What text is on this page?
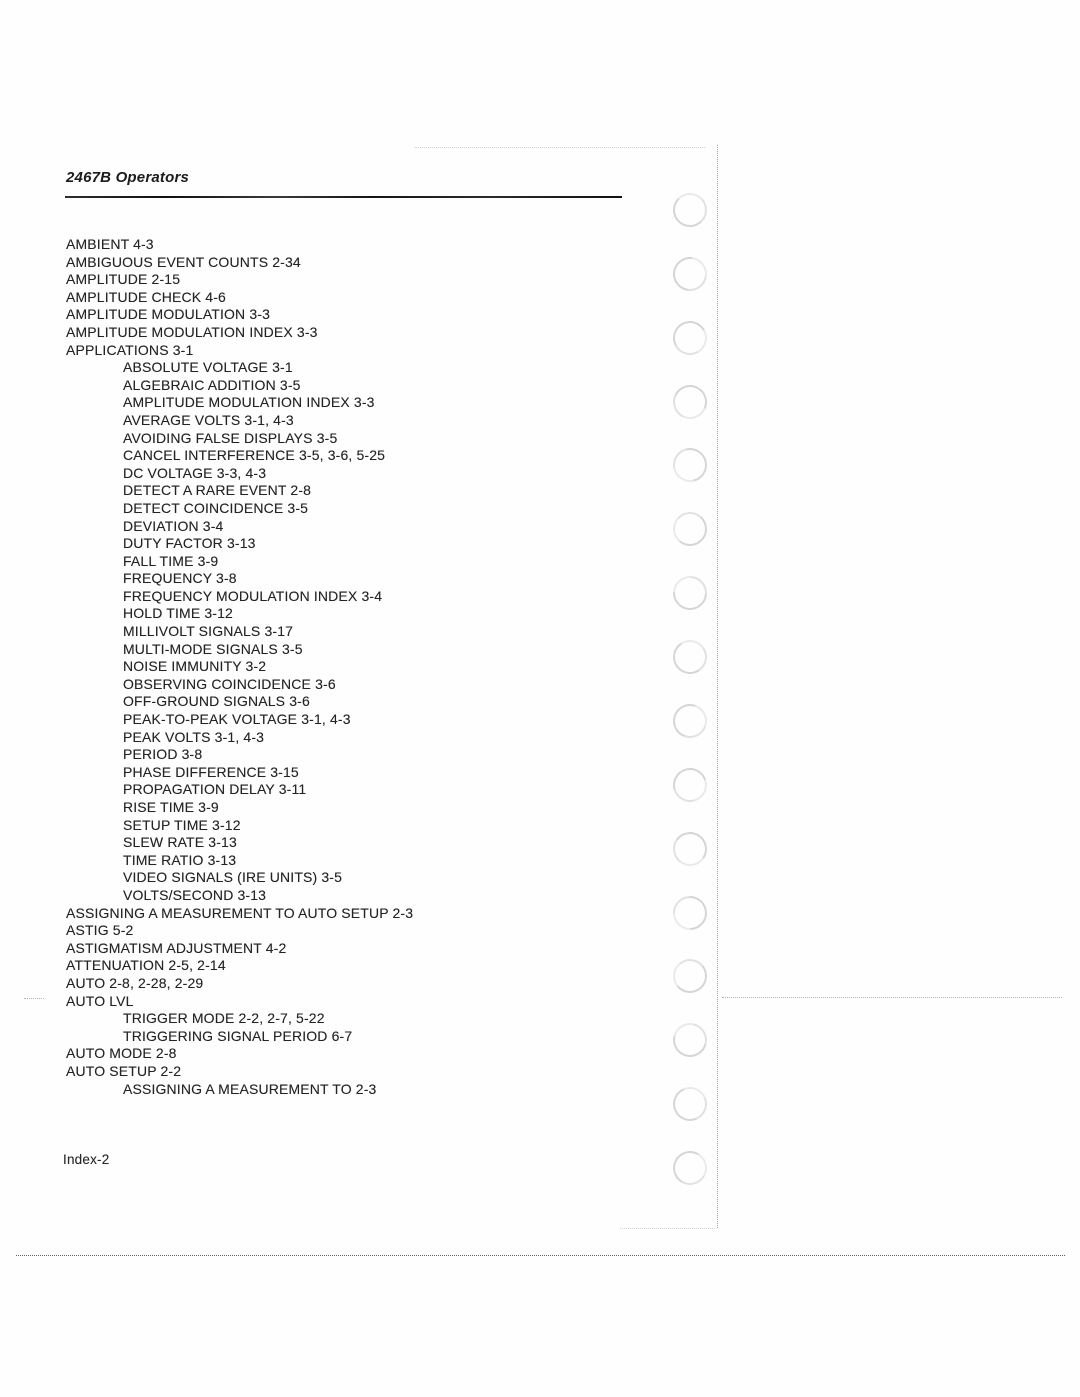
2467B Operators
AMBIENT 4-3
AMBIGUOUS EVENT COUNTS 2-34
AMPLITUDE 2-15
AMPLITUDE CHECK 4-6
AMPLITUDE MODULATION 3-3
AMPLITUDE MODULATION INDEX 3-3
APPLICATIONS 3-1
ABSOLUTE VOLTAGE 3-1
ALGEBRAIC ADDITION 3-5
AMPLITUDE MODULATION INDEX 3-3
AVERAGE VOLTS 3-1, 4-3
AVOIDING FALSE DISPLAYS 3-5
CANCEL INTERFERENCE 3-5, 3-6, 5-25
DC VOLTAGE 3-3, 4-3
DETECT A RARE EVENT 2-8
DETECT COINCIDENCE 3-5
DEVIATION 3-4
DUTY FACTOR 3-13
FALL TIME 3-9
FREQUENCY 3-8
FREQUENCY MODULATION INDEX 3-4
HOLD TIME 3-12
MILLIVOLT SIGNALS 3-17
MULTI-MODE SIGNALS 3-5
NOISE IMMUNITY 3-2
OBSERVING COINCIDENCE 3-6
OFF-GROUND SIGNALS 3-6
PEAK-TO-PEAK VOLTAGE 3-1, 4-3
PEAK VOLTS 3-1, 4-3
PERIOD 3-8
PHASE DIFFERENCE 3-15
PROPAGATION DELAY 3-11
RISE TIME 3-9
SETUP TIME 3-12
SLEW RATE 3-13
TIME RATIO 3-13
VIDEO SIGNALS (IRE UNITS) 3-5
VOLTS/SECOND 3-13
ASSIGNING A MEASUREMENT TO AUTO SETUP 2-3
ASTIG 5-2
ASTIGMATISM ADJUSTMENT 4-2
ATTENUATION 2-5, 2-14
AUTO 2-8, 2-28, 2-29
AUTO LVL
TRIGGER MODE 2-2, 2-7, 5-22
TRIGGERING SIGNAL PERIOD 6-7
AUTO MODE 2-8
AUTO SETUP 2-2
ASSIGNING A MEASUREMENT TO 2-3
Index-2
